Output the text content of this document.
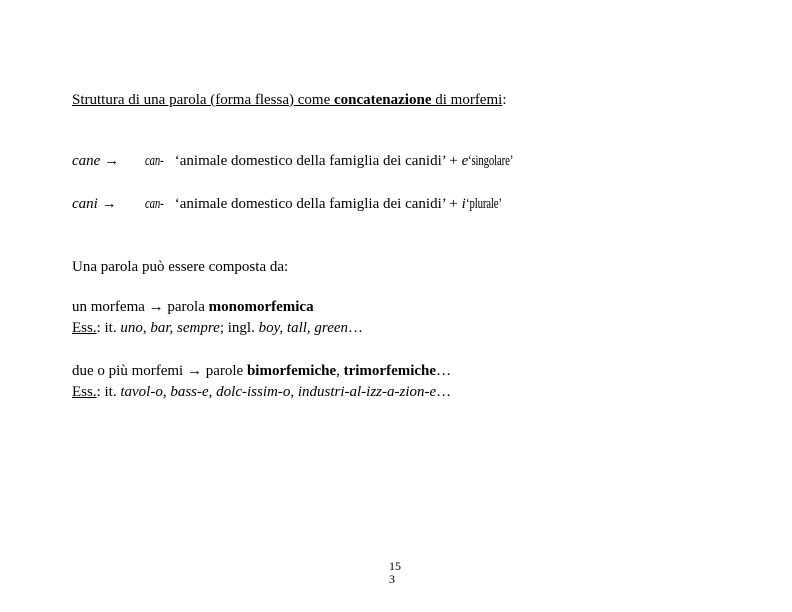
Struttura di una parola (forma flessa) come concatenazione di morfemi:
cane → can- ‘animale domestico della famiglia dei canidi’ + e‘singolare’
cani → can- ‘animale domestico della famiglia dei canidi’ + i‘plurale’
Una parola può essere composta da:
un morfema → parola monomorfemica
Ess.: it. uno, bar, sempre; ingl. boy, tall, green…
due o più morfemi → parole bimorfemiche, trimorfemiche…
Ess.: it. tavol-o, bass-e, dolc-issim-o, industri-al-izz-a-zion-e…
15
3
